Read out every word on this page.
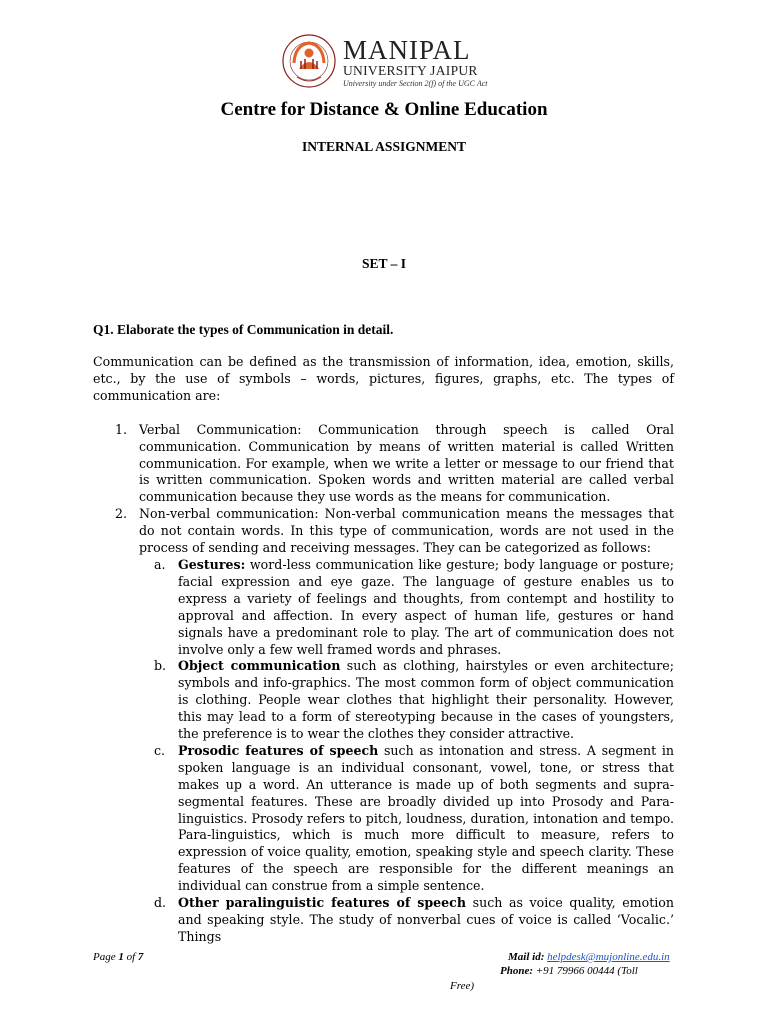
MANIPAL
UNIVERSITY JAIPUR
University under Section 2(f) of the UGC Act
Centre for Distance & Online Education
INTERNAL ASSIGNMENT
SET – I
Q1. Elaborate the types of Communication in detail.

Communication can be defined as the transmission of information, idea, emotion, skills, etc., by the use of symbols – words, pictures, figures, graphs, etc. The types of communication are:

1. Verbal Communication: Communication through speech is called Oral communication. Communication by means of written material is called Written communication. For example, when we write a letter or message to our friend that is written communication. Spoken words and written material are called verbal communication because they use words as the means for communication.
2. Non-verbal communication: Non-verbal communication means the messages that do not contain words. In this type of communication, words are not used in the process of sending and receiving messages. They can be categorized as follows:
a. Gestures: word-less communication like gesture; body language or posture; facial expression and eye gaze. The language of gesture enables us to express a variety of feelings and thoughts, from contempt and hostility to approval and affection. In every aspect of human life, gestures or hand signals have a predominant role to play. The art of communication does not involve only a few well framed words and phrases.
b. Object communication such as clothing, hairstyles or even architecture; symbols and info-graphics. The most common form of object communication is clothing. People wear clothes that highlight their personality. However, this may lead to a form of stereotyping because in the cases of youngsters, the preference is to wear the clothes they consider attractive.
c. Prosodic features of speech such as intonation and stress. A segment in spoken language is an individual consonant, vowel, tone, or stress that makes up a word. An utterance is made up of both segments and supra-segmental features. These are broadly divided up into Prosody and Para-linguistics. Prosody refers to pitch, loudness, duration, intonation and tempo. Para-linguistics, which is much more difficult to measure, refers to expression of voice quality, emotion, speaking style and speech clarity. These features of the speech are responsible for the different meanings an individual can construe from a simple sentence.
d. Other paralinguistic features of speech such as voice quality, emotion and speaking style. The study of nonverbal cues of voice is called ‘Vocalic.’ Things
Page 1 of 7	Mail id: helpdesk@mujonline.edu.in
Phone: +91 79966 00444 (Toll
Free)
